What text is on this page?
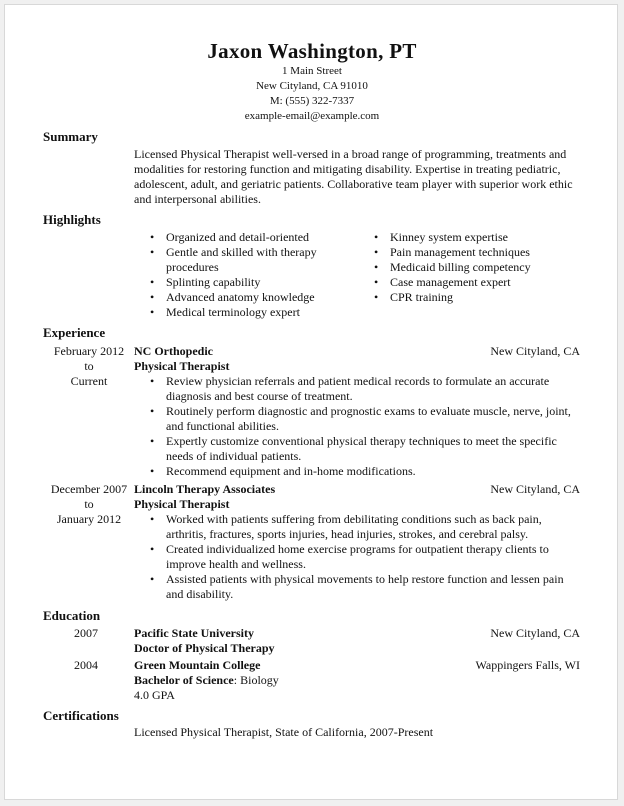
Jaxon Washington, PT
1 Main Street
New Cityland, CA 91010
M: (555) 322-7337
example-email@example.com
Summary
Licensed Physical Therapist well-versed in a broad range of programming, treatments and modalities for restoring function and mitigating disability. Expertise in treating pediatric, adolescent, adult, and geriatric patients. Collaborative team player with superior work ethic and interpersonal abilities.
Highlights
• Organized and detail-oriented
• Gentle and skilled with therapy procedures
• Splinting capability
• Advanced anatomy knowledge
• Medical terminology expert
• Kinney system expertise
• Pain management techniques
• Medicaid billing competency
• Case management expert
• CPR training
Experience
February 2012
to
Current
NC Orthopedic	New Cityland, CA
Physical Therapist
• Review physician referrals and patient medical records to formulate an accurate diagnosis and best course of treatment.
• Routinely perform diagnostic and prognostic exams to evaluate muscle, nerve, joint, and functional abilities.
• Expertly customize conventional physical therapy techniques to meet the specific needs of individual patients.
• Recommend equipment and in-home modifications.
December 2007
to
January 2012
Lincoln Therapy Associates	New Cityland, CA
Physical Therapist
• Worked with patients suffering from debilitating conditions such as back pain, arthritis, fractures, sports injuries, head injuries, strokes, and cerebral palsy.
• Created individualized home exercise programs for outpatient therapy clients to improve health and wellness.
• Assisted patients with physical movements to help restore function and lessen pain and disability.
Education
2007	Pacific State University	New Cityland, CA
Doctor of Physical Therapy
2004	Green Mountain College	Wappingers Falls, WI
Bachelor of Science: Biology
4.0 GPA
Certifications
Licensed Physical Therapist, State of California, 2007-Present
